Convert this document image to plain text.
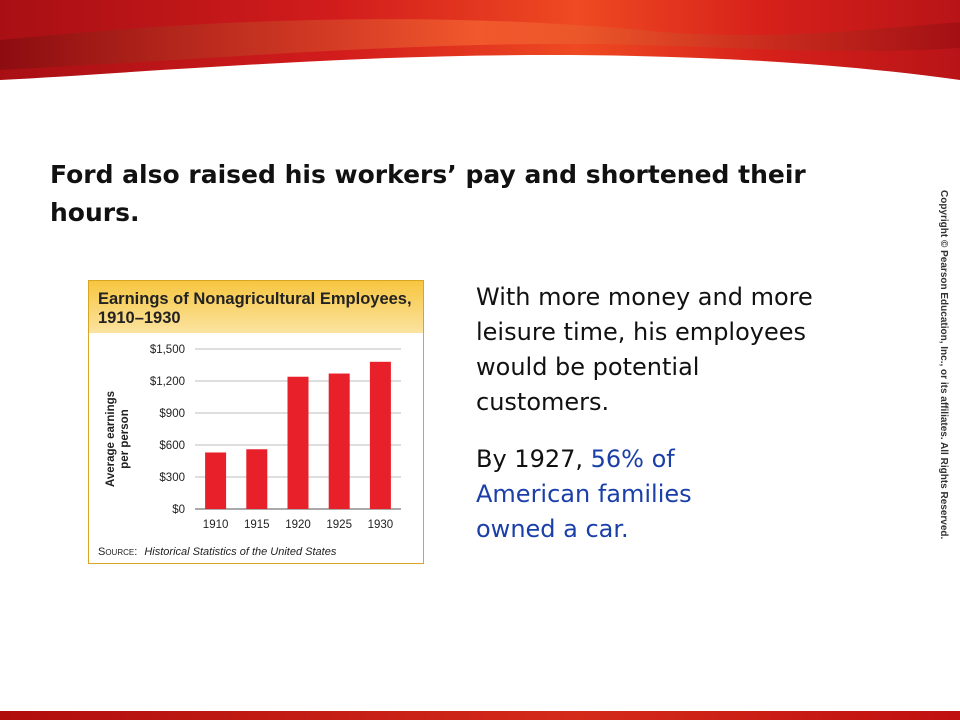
Ford also raised his workers’ pay and shortened their hours.
Earnings of Nonagricultural Employees,
1910–1930
Average earnings per person
$0
$300
$600
$900
$1,200
$1,500
1910 1915 1920 1925 1930
Source: Historical Statistics of the United States
With more money and more leisure time, his employees would be potential customers.
By 1927, 56% of American families owned a car.	Copyright © Pearson Education, Inc., or its affiliates. All Rights Reserved.
